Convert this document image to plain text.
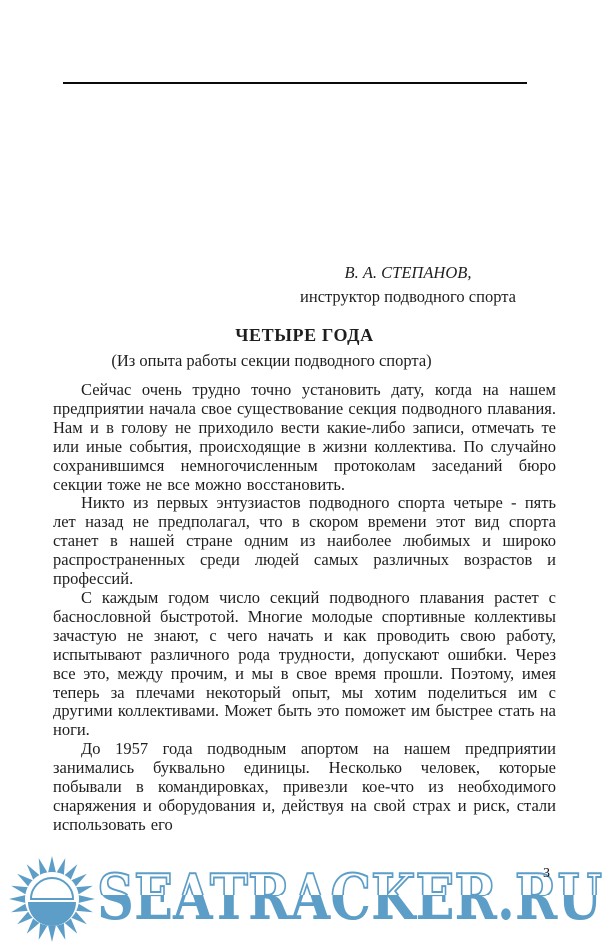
В. А. СТЕПАНОВ,
инструктор подводного спорта
ЧЕТЫРЕ ГОДА
(Из опыта работы секции подводного спорта)

Сейчас очень трудно точно установить дату, когда на нашем предприятии начала свое существование секция подводного плавания. Нам и в голову не приходило вести какие-либо записи, отмечать те или иные события, происходящие в жизни коллектива. По случайно сохранившимся немногочисленным протоколам заседаний бюро секции тоже не все можно восстановить.

Никто из первых энтузиастов подводного спорта четыре - пять лет назад не предполагал, что в скором времени этот вид спорта станет в нашей стране одним из наиболее любимых и широко распространенных среди людей самых различных возрастов и профессий.

С каждым годом число секций подводного плавания растет с баснословной быстротой. Многие молодые спортивные коллективы зачастую не знают, с чего начать и как проводить свою работу, испытывают различного рода трудности, допускают ошибки. Через все это, между прочим, и мы в свое время прошли. Поэтому, имея теперь за плечами некоторый опыт, мы хотим поделиться им с другими коллективами. Может быть это поможет им быстрее стать на ноги.

До 1957 года подводным апортом на нашем предприятии занимались буквально единицы. Несколько человек, которые побывали в командировках, привезли кое-что из необходимого снаряжения и оборудования и, действуя на свой страх и риск, стали использовать его

3
